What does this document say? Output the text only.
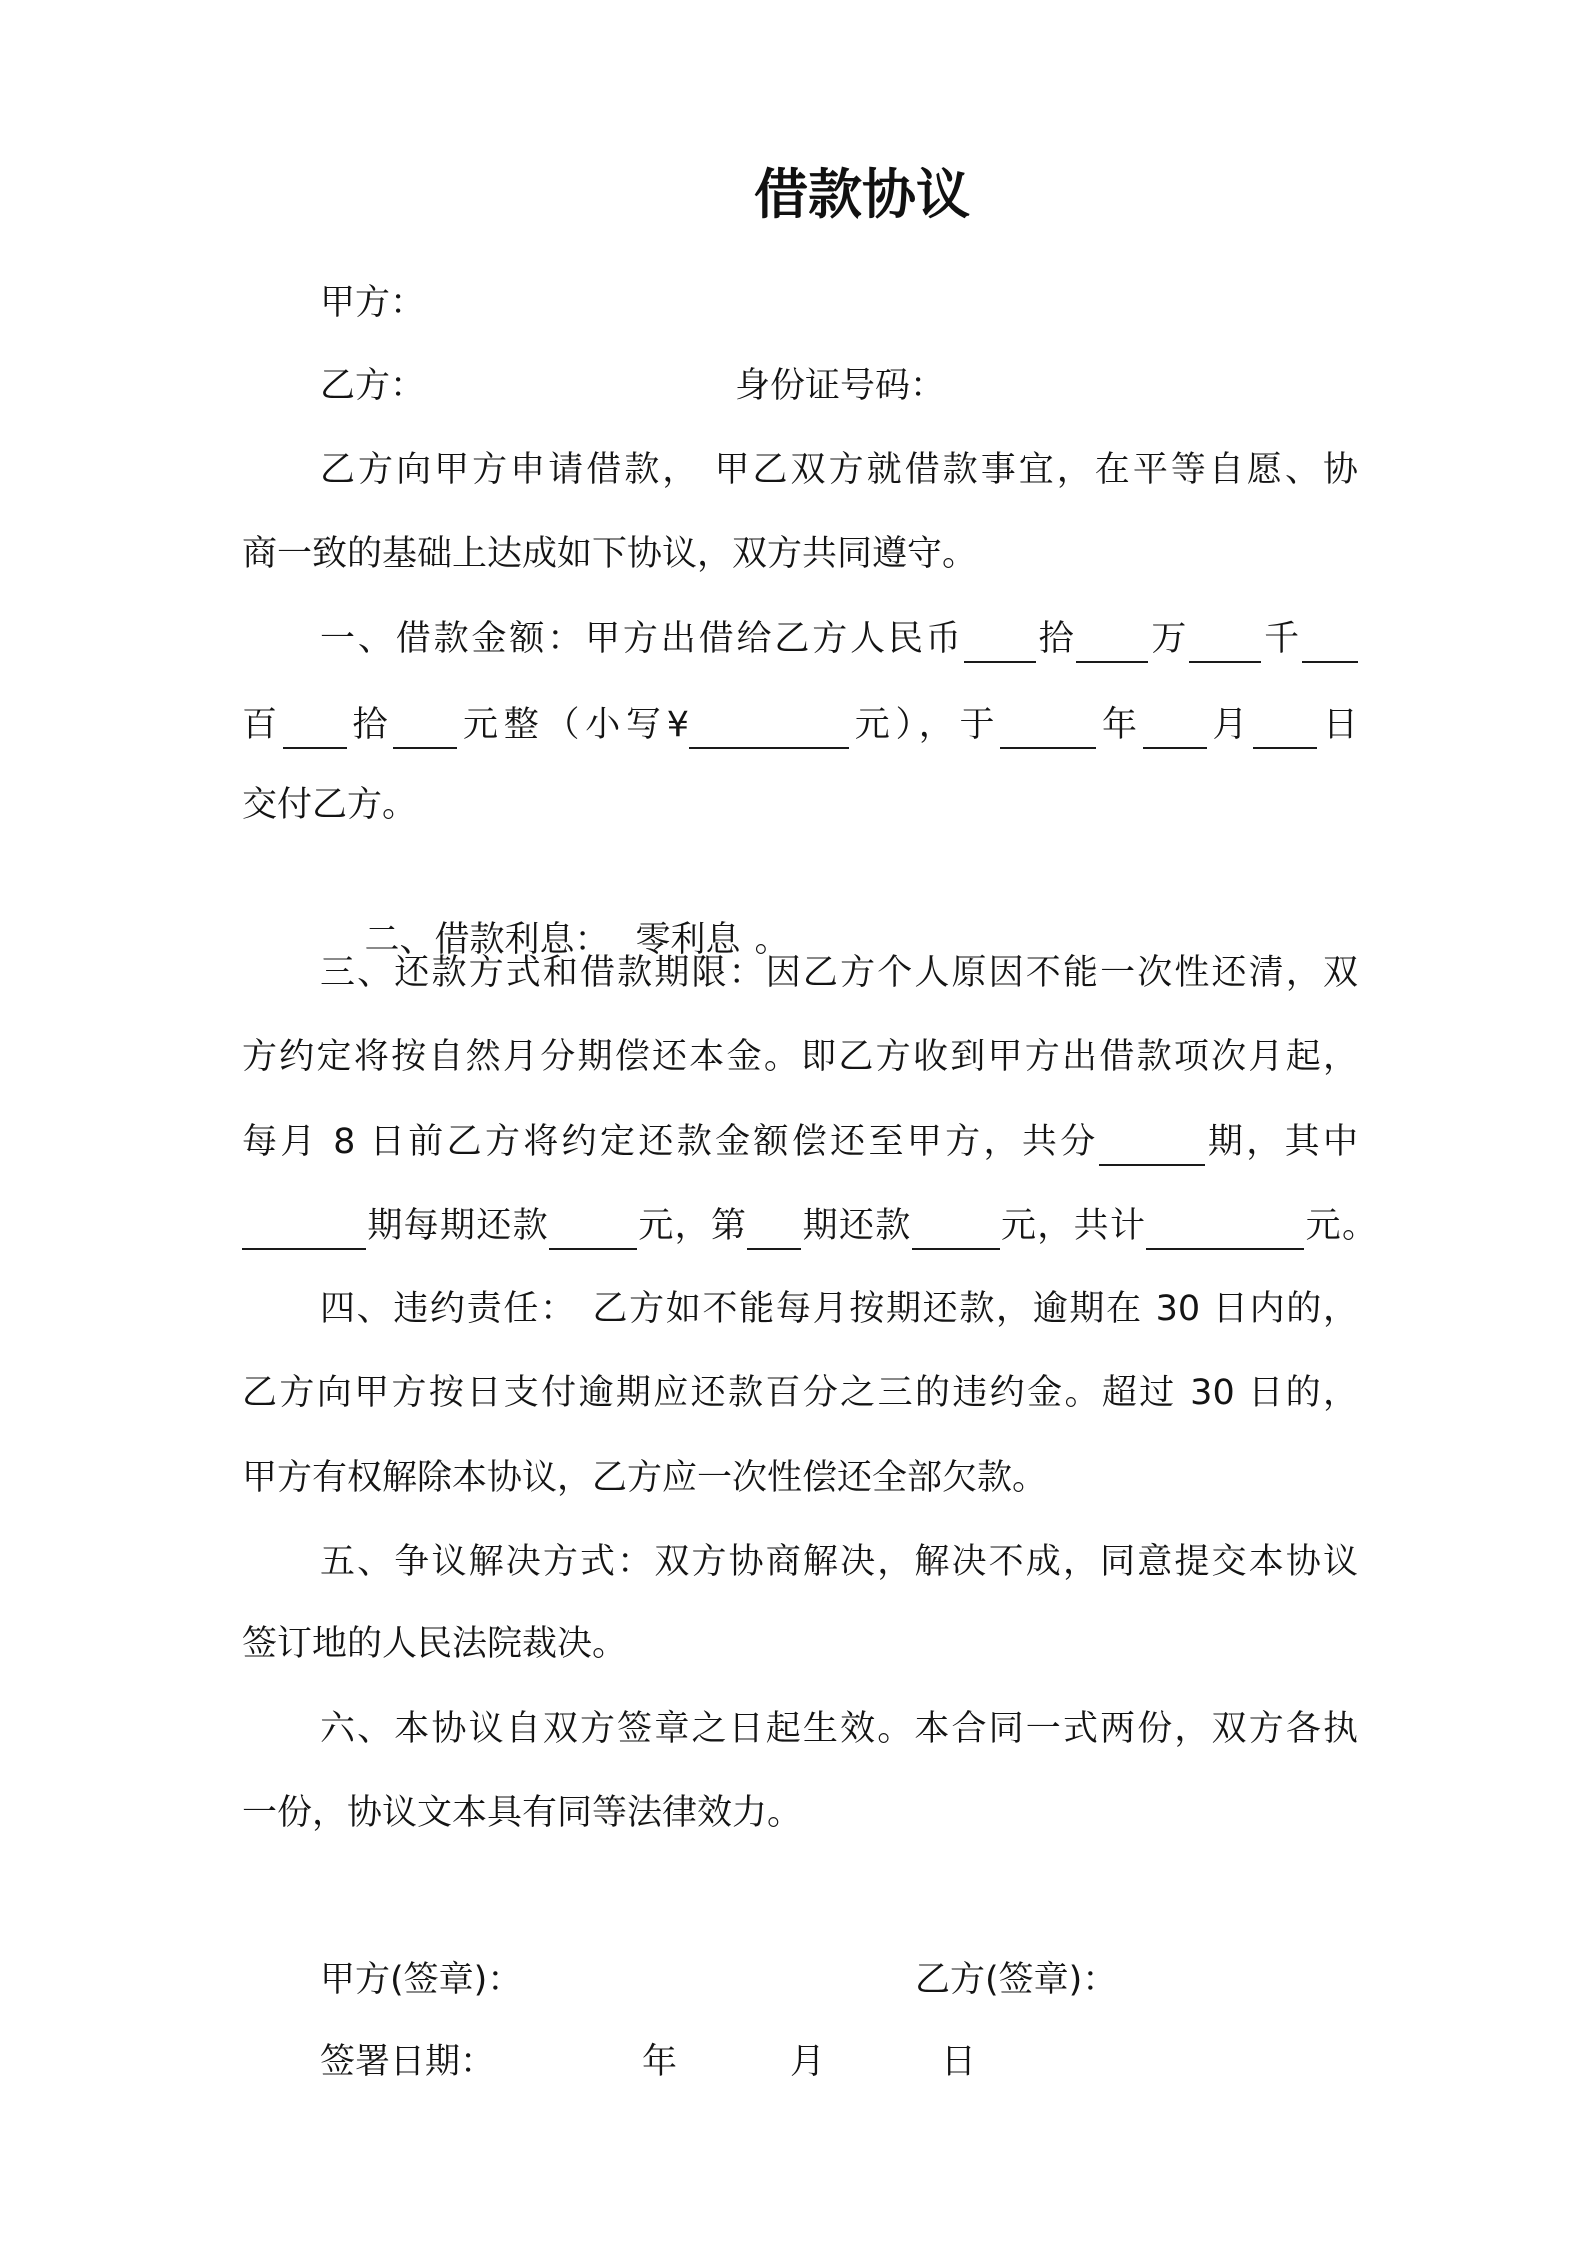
借款协议
甲方：
乙方：	身份证号码：
乙方向甲方申请借款， 甲乙双方就借款事宜，在平等自愿、协
商一致的基础上达成如下协议，双方共同遵守。
一、借款金额：甲方出借给乙方人民币 拾 万 千
百 拾 元整（小写¥	元），于	年 月 日
交付乙方。

二、借款利息： 零利息 。

三、还款方式和借款期限：因乙方个人原因不能一次性还清，双
方约定将按自然月分期偿还本金。即乙方收到甲方出借款项次月起，
每月 8 日前乙方将约定还款金额偿还至甲方，共分	期，其中
期每期还款	元，第 期还款	元，共计	元。
四、违约责任： 乙方如不能每月按期还款，逾期在 30 日内的，
乙方向甲方按日支付逾期应还款百分之三的违约金。超过 30 日的，
甲方有权解除本协议，乙方应一次性偿还全部欠款。
五、争议解决方式：双方协商解决，解决不成，同意提交本协议
签订地的人民法院裁决。
六、本协议自双方签章之日起生效。本合同一式两份，双方各执
一份，协议文本具有同等法律效力。
甲方(签章)：	乙方(签章)：
签署日期：	年	月	日
